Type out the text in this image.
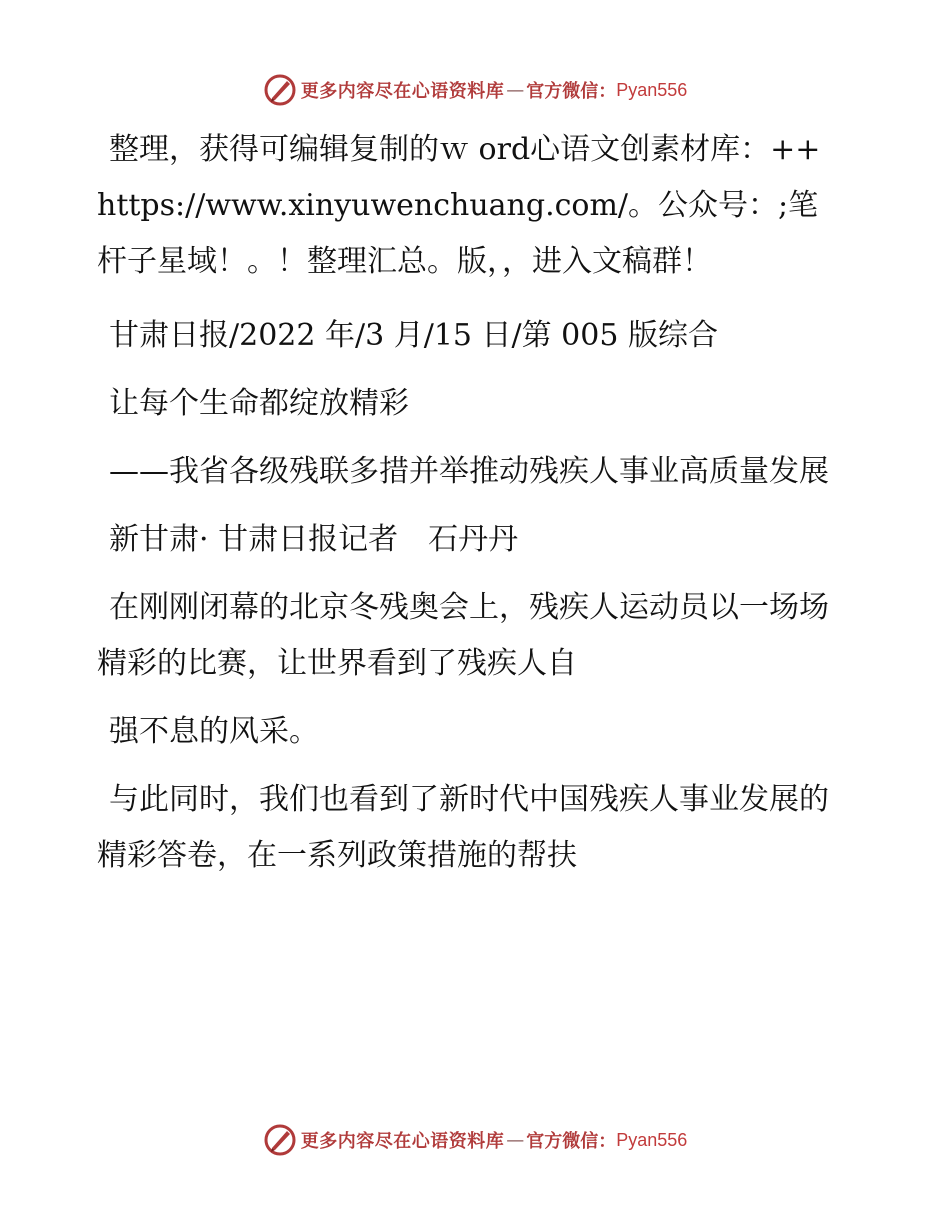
更多内容尽在心语资料库 — 官方微信： Pyan556

整理，获得可编辑复制的ｗ ord心语文创素材库：++https://www.xinyuwenchuang.com/。公众号：;笔杆子星域！。！整理汇总。版，，进入文稿群！

甘肃日报/2022 年/3 月/15 日/第 005 版综合

让每个生命都绽放精彩

——我省各级残联多措并举推动残疾人事业高质量发展

新甘肃· 甘肃日报记者　石丹丹

在刚刚闭幕的北京冬残奥会上，残疾人运动员以一场场精彩的比赛，让世界看到了残疾人自

强不息的风采。

与此同时，我们也看到了新时代中国残疾人事业发展的精彩答卷，在一系列政策措施的帮扶

更多内容尽在心语资料库 — 官方微信： Pyan556
